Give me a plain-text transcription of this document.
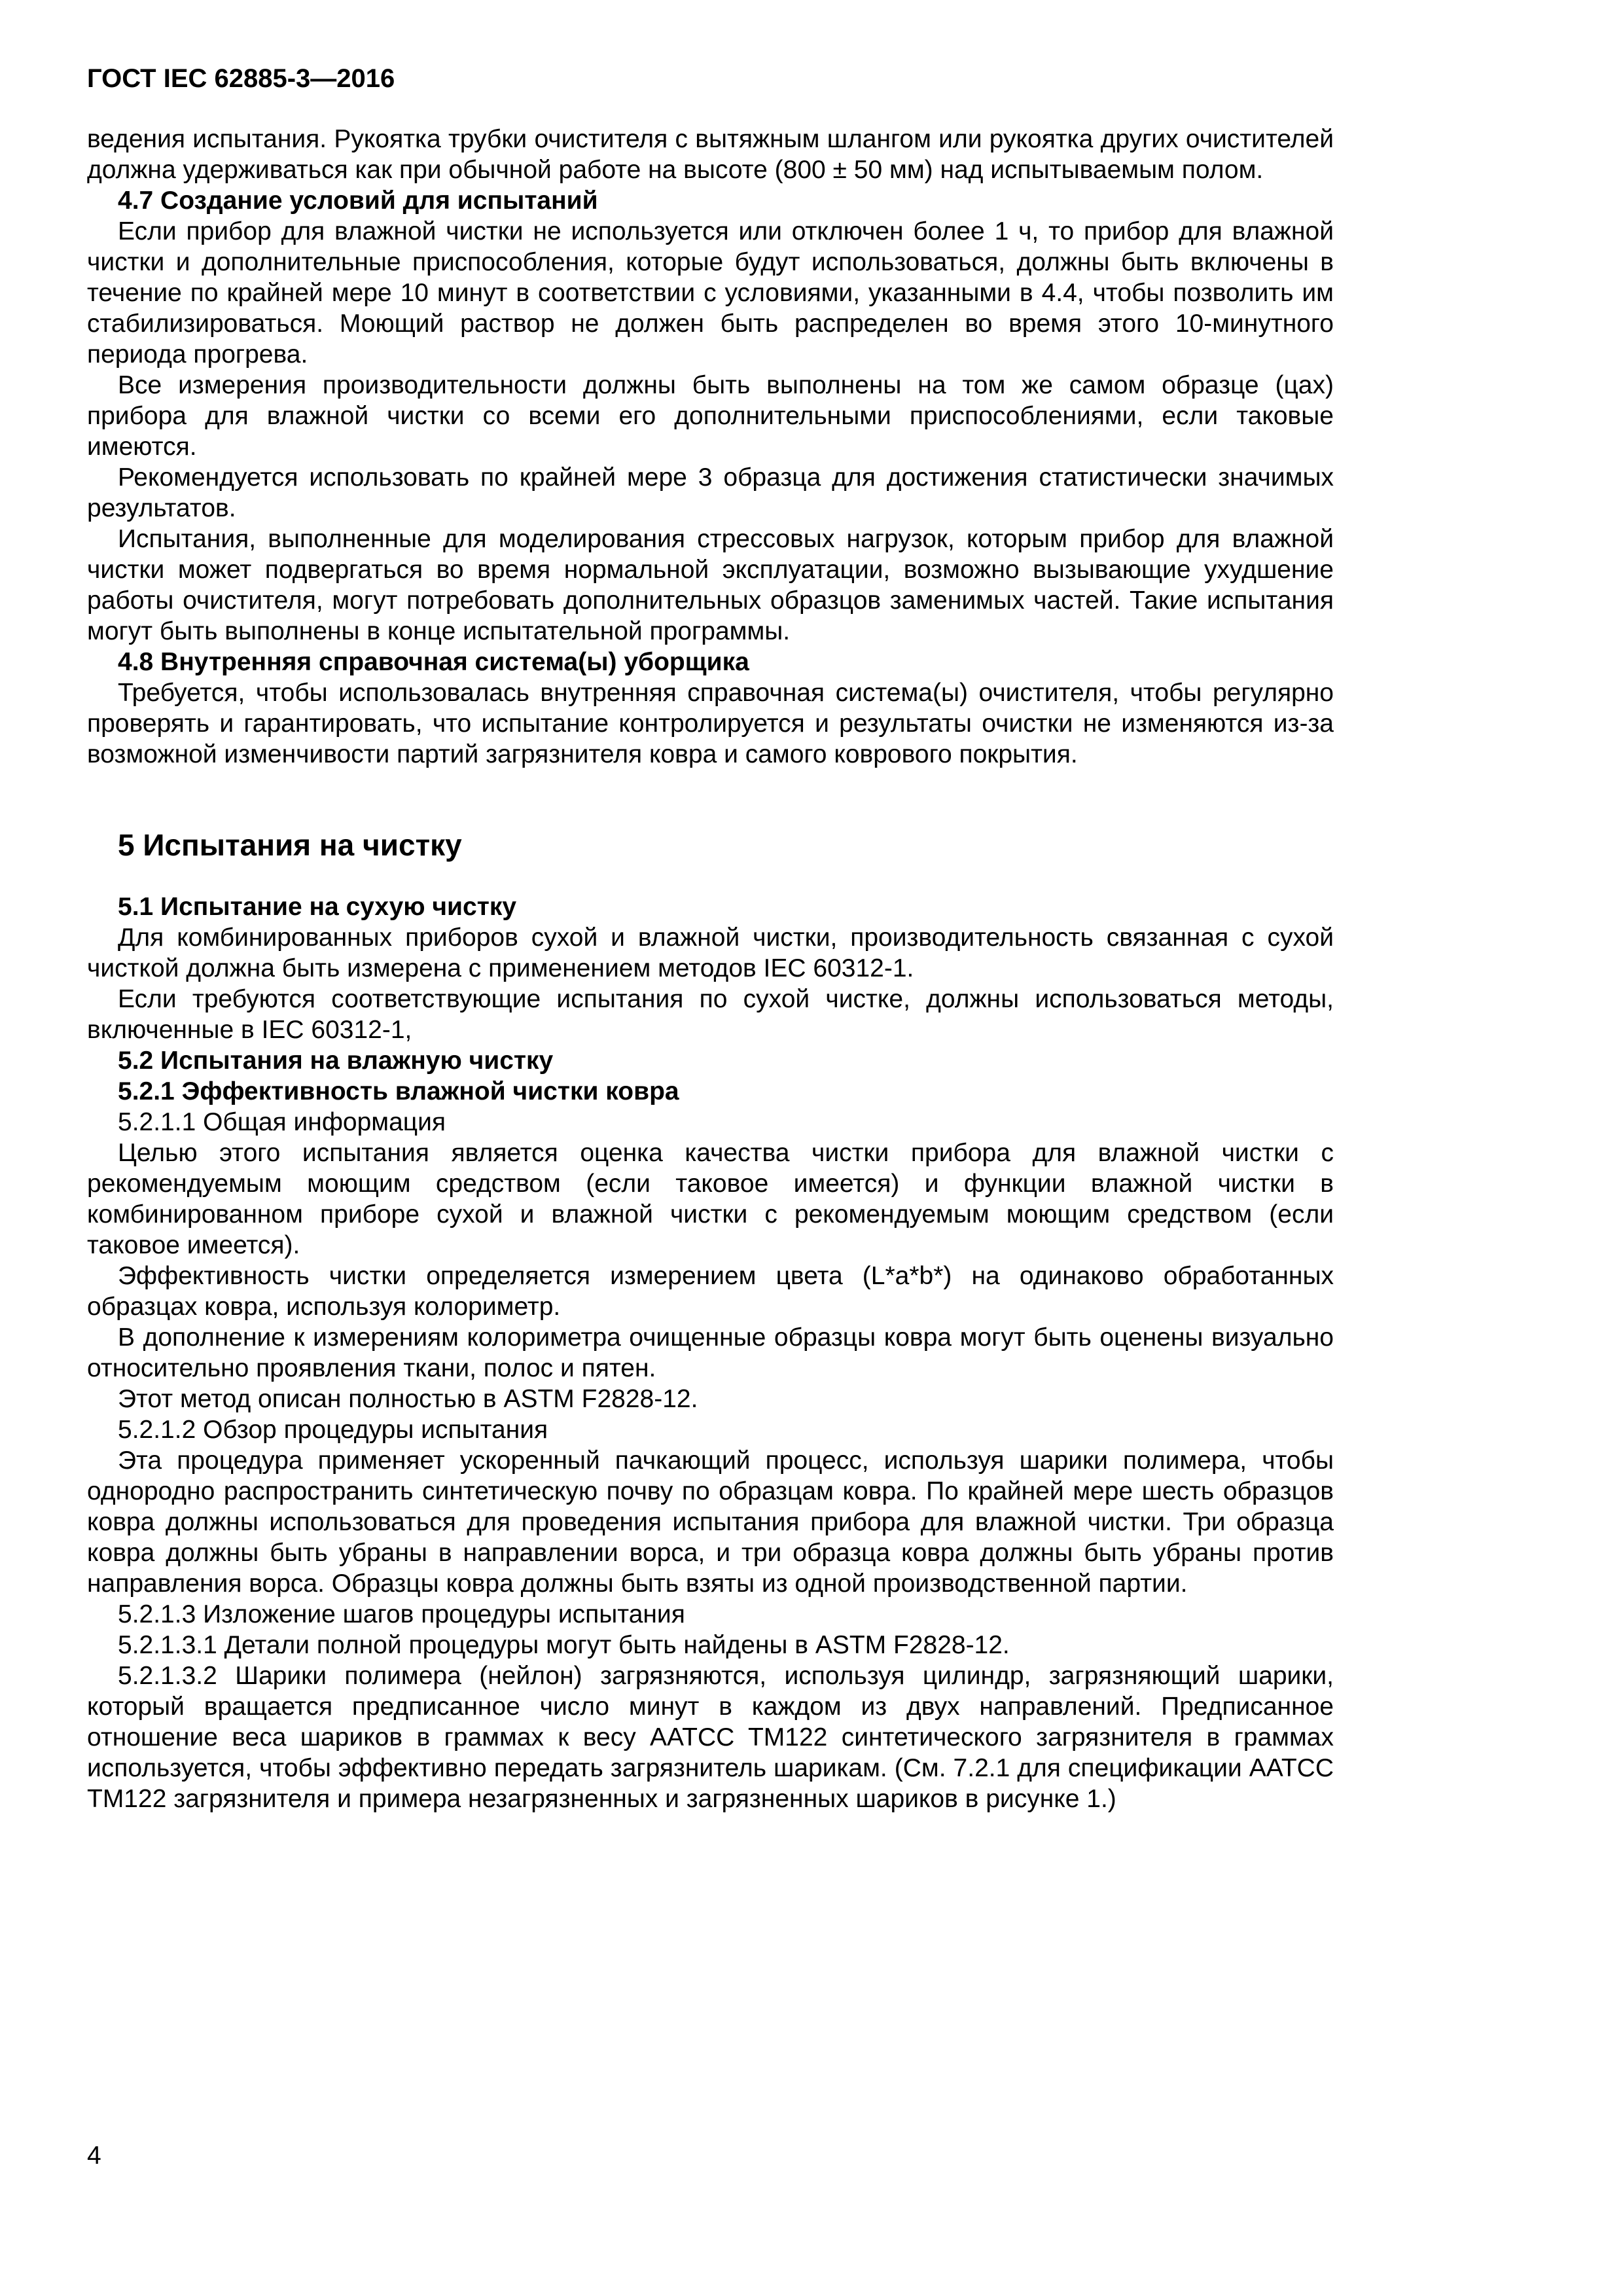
ГОСТ IEC 62885-3—2016

ведения испытания. Рукоятка трубки очистителя с вытяжным шлангом или рукоятка других очистителей должна удерживаться как при обычной работе на высоте (800 ± 50 мм) над испытываемым полом.

4.7 Создание условий для испытаний

Если прибор для влажной чистки не используется или отключен более 1 ч, то прибор для влажной чистки и дополнительные приспособления, которые будут использоваться, должны быть включены в течение по крайней мере 10 минут в соответствии с условиями, указанными в 4.4, чтобы позволить им стабилизироваться. Моющий раствор не должен быть распределен во время этого 10-минутного периода прогрева.

Все измерения производительности должны быть выполнены на том же самом образце (цах) прибора для влажной чистки со всеми его дополнительными приспособлениями, если таковые имеются.

Рекомендуется использовать по крайней мере 3 образца для достижения статистически значимых результатов.

Испытания, выполненные для моделирования стрессовых нагрузок, которым прибор для влажной чистки может подвергаться во время нормальной эксплуатации, возможно вызывающие ухудшение работы очистителя, могут потребовать дополнительных образцов заменимых частей. Такие испытания могут быть выполнены в конце испытательной программы.

4.8 Внутренняя справочная система(ы) уборщика

Требуется, чтобы использовалась внутренняя справочная система(ы) очистителя, чтобы регулярно проверять и гарантировать, что испытание контролируется и результаты очистки не изменяются из-за возможной изменчивости партий загрязнителя ковра и самого коврового покрытия.

5 Испытания на чистку

5.1 Испытание на сухую чистку

Для комбинированных приборов сухой и влажной чистки, производительность связанная с сухой чисткой должна быть измерена с применением методов IEC 60312-1.

Если требуются соответствующие испытания по сухой чистке, должны использоваться методы, включенные в IEC 60312-1,

5.2 Испытания на влажную чистку

5.2.1 Эффективность влажной чистки ковра

5.2.1.1 Общая информация

Целью этого испытания является оценка качества чистки прибора для влажной чистки с рекомендуемым моющим средством (если таковое имеется) и функции влажной чистки в комбинированном приборе сухой и влажной чистки с рекомендуемым моющим средством (если таковое имеется).

Эффективность чистки определяется измерением цвета (L*a*b*) на одинаково обработанных образцах ковра, используя колориметр.

В дополнение к измерениям колориметра очищенные образцы ковра могут быть оценены визуально относительно проявления ткани, полос и пятен.

Этот метод описан полностью в ASTM F2828-12.

5.2.1.2 Обзор процедуры испытания

Эта процедура применяет ускоренный пачкающий процесс, используя шарики полимера, чтобы однородно распространить синтетическую почву по образцам ковра. По крайней мере шесть образцов ковра должны использоваться для проведения испытания прибора для влажной чистки. Три образца ковра должны быть убраны в направлении ворса, и три образца ковра должны быть убраны против направления ворса. Образцы ковра должны быть взяты из одной производственной партии.

5.2.1.3 Изложение шагов процедуры испытания

5.2.1.3.1 Детали полной процедуры могут быть найдены в ASTM F2828-12.

5.2.1.3.2 Шарики полимера (нейлон) загрязняются, используя цилиндр, загрязняющий шарики, который вращается предписанное число минут в каждом из двух направлений. Предписанное отношение веса шариков в граммах к весу AATCC TM122 синтетического загрязнителя в граммах используется, чтобы эффективно передать загрязнитель шарикам. (См. 7.2.1 для спецификации AATCC TM122 загрязнителя и примера незагрязненных и загрязненных шариков в рисунке 1.)

4
